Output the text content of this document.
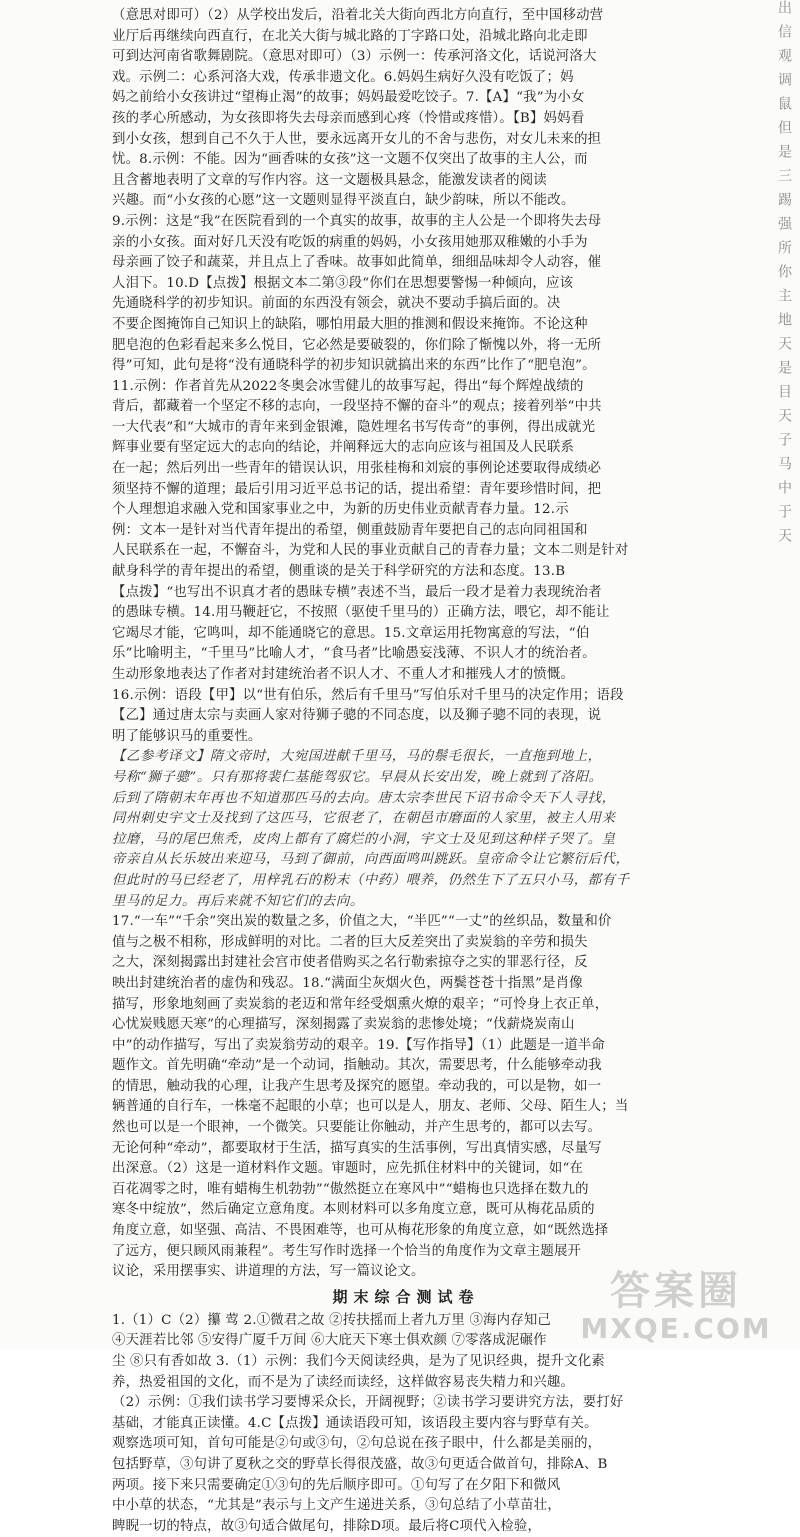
（意思对即可）（2）从学校出发后，沿着北关大街向西北方向直行，至中国移动营
业厅后再继续向西直行，在北关大街与城北路的丁字路口处，沿城北路向北走即
可到达河南省歌舞剧院。（意思对即可）（3）示例一：传承河洛文化，话说河洛大
戏。示例二：心系河洛大戏，传承非遗文化。6.妈妈生病好久没有吃饭了；妈
妈之前给小女孩讲过“望梅止渴”的故事；妈妈最爱吃饺子。7.【A】“我”为小女
孩的孝心所感动，为女孩即将失去母亲而感到心疼（怜惜或疼惜）。【B】妈妈看
到小女孩，想到自己不久于人世，要永远离开女儿的不舍与悲伤，对女儿未来的担
忧。8.示例：不能。因为“画香味的女孩”这一文题不仅突出了故事的主人公，而
且含蓄地表明了文章的写作内容。这一文题极具悬念，能激发读者的阅读
兴趣。而“小女孩的心愿”这一文题则显得平淡直白，缺少韵味，所以不能改。
9.示例：这是“我”在医院看到的一个真实的故事，故事的主人公是一个即将失去母
亲的小女孩。面对好几天没有吃饭的病重的妈妈，小女孩用她那双稚嫩的小手为
母亲画了饺子和蔬菜，并且点上了香味。故事如此简单，细细品味却令人动容，催
人泪下。10.D【点拨】根据文本二第③段“你们在思想要警惕一种倾向，应该
先通晓科学的初步知识。前面的东西没有领会，就决不要动手搞后面的。决
不要企图掩饰自己知识上的缺陷，哪怕用最大胆的推测和假设来掩饰。不论这种
肥皂泡的色彩看起来多么悦目，它必然是要破裂的，你们除了惭愧以外，将一无所
得”可知，此句是将“没有通晓科学的初步知识就搞出来的东西”比作了“肥皂泡”。
11.示例：作者首先从2022冬奥会冰雪健儿的故事写起，得出“每个辉煌战绩的
背后，都藏着一个坚定不移的志向，一段坚持不懈的奋斗”的观点；接着列举“中共
一大代表”和“大城市的青年来到金银滩，隐姓埋名书写传奇”的事例，得出成就光
辉事业要有坚定远大的志向的结论，并阐释远大的志向应该与祖国及人民联系
在一起；然后列出一些青年的错误认识，用张桂梅和刘宸的事例论述要取得成绩必
须坚持不懈的道理；最后引用习近平总书记的话，提出希望：青年要珍惜时间，把
个人理想追求融入党和国家事业之中，为新的历史伟业贡献青春力量。12.示
例：文本一是针对当代青年提出的希望，侧重鼓励青年要把自己的志向同祖国和
人民联系在一起，不懈奋斗，为党和人民的事业贡献自己的青春力量；文本二则是针对
献身科学的青年提出的希望，侧重谈的是关于科学研究的方法和态度。13.B
【点拨】“也写出不识真才者的愚昧专横”表述不当，最后一段才是着力表现统治者
的愚昧专横。14.用马鞭赶它，不按照（驱使千里马的）正确方法，喂它，却不能让
它竭尽才能，它鸣叫，却不能通晓它的意思。15.文章运用托物寓意的写法，“伯
乐”比喻明主，“千里马”比喻人才，“食马者”比喻愚妄浅薄、不识人才的统治者。
生动形象地表达了作者对封建统治者不识人才、不重人才和摧残人才的愤慨。
16.示例：语段【甲】以“世有伯乐，然后有千里马”写伯乐对千里马的决定作用；语段
【乙】通过唐太宗与卖画人家对待狮子骢的不同态度，以及狮子骢不同的表现，说
明了能够识马的重要性。
【乙参考译文】隋文帝时，大宛国进献千里马，马的鬃毛很长，一直拖到地上，
号称“狮子骢”。只有那将裴仁基能驾驭它。早晨从长安出发，晚上就到了洛阳。
后到了隋朝末年再也不知道那匹马的去向。唐太宗李世民下诏书命令天下人寻找，
同州刺史宇文士及找到了这匹马，它很老了，在朝邑市磨面的人家里，被主人用来
拉磨，马的尾巴焦秃，皮肉上都有了腐烂的小洞，宇文士及见到这种样子哭了。皇
帝亲自从长乐坡出来迎马，马到了御前，向西面鸣叫跳跃。皇帝命令让它繁衍后代，
但此时的马已经老了，用梓乳石的粉末（中药）喂养，仍然生下了五只小马，都有千
里马的足力。再后来就不知它们的去向。
17.“一车”“千余”突出炭的数量之多，价值之大，“半匹”“一丈”的丝织品，数量和价
值与之极不相称，形成鲜明的对比。二者的巨大反差突出了卖炭翁的辛劳和损失
之大，深刻揭露出封建社会宫市使者借购买之名行勒索掠夺之实的罪恶行径，反
映出封建统治者的虚伪和残忍。18.“满面尘灰烟火色，两鬓苍苍十指黑”是肖像
描写，形象地刻画了卖炭翁的老迈和常年经受烟熏火燎的艰辛；“可怜身上衣正单，
心忧炭贱愿天寒”的心理描写，深刻揭露了卖炭翁的悲惨处境；“伐薪烧炭南山
中”的动作描写，写出了卖炭翁劳动的艰辛。19.【写作指导】（1）此题是一道半命
题作文。首先明确“牵动”是一个动词，指触动。其次，需要思考，什么能够牵动我
的情思，触动我的心理，让我产生思考及探究的愿望。牵动我的，可以是物，如一
辆普通的自行车，一株毫不起眼的小草；也可以是人，朋友、老师、父母、陌生人；当
然也可以是一个眼神，一个微笑。只要能让你触动，并产生思考的，都可以去写。
无论何种“牵动”，都要取材于生活，描写真实的生活事例，写出真情实感，尽量写
出深意。（2）这是一道材料作文题。审题时，应先抓住材料中的关键词，如“在
百花凋零之时，唯有蜡梅生机勃勃”“傲然挺立在寒风中”“蜡梅也只选择在数九的
寒冬中绽放”，然后确定立意角度。本则材料可以多角度立意，既可从梅花品质的
角度立意，如坚强、高洁、不畏困难等，也可从梅花形象的角度立意，如“既然选择
了远方，便只顾风雨兼程”。考生写作时选择一个恰当的角度作为文章主题展开
议论，采用摆事实、讲道理的方法，写一篇议论文。
期末综合测试卷
1.（1）C（2）攥 莺 2.①微君之故 ②抟扶摇而上者九万里 ③海内存知己
④天涯若比邻 ⑤安得广厦千万间 ⑥大庇天下寒士俱欢颜 ⑦零落成泥碾作
尘 ⑧只有香如故 3.（1）示例：我们今天阅读经典，是为了见识经典，提升文化素
养，热爱祖国的文化，而不是为了读经而读经，这样做容易丧失精力和兴趣。
（2）示例：①我们读书学习要博采众长，开阔视野；②读书学习要讲究方法，要打好
基础，才能真正读懂。4.C【点拨】通读语段可知，该语段主要内容与野草有关。
观察选项可知，首句可能是②句或③句，②句总说在孩子眼中，什么都是美丽的，
包括野草，③句讲了夏秋之交的野草长得很茂盛，故③句更适合做首句，排除A、B
两项。接下来只需要确定①③句的先后顺序即可。①句写了在夕阳下和微风
中小草的状态，“尤其是”表示与上文产生递进关系，③句总结了小草苗壮，
睥睨一切的特点，故③句适合做尾句，排除D项。最后将C项代入检验，
出信观调鼠但是三踢强所你主地天是目天子马中于天
答案圈
MXQE.COM
